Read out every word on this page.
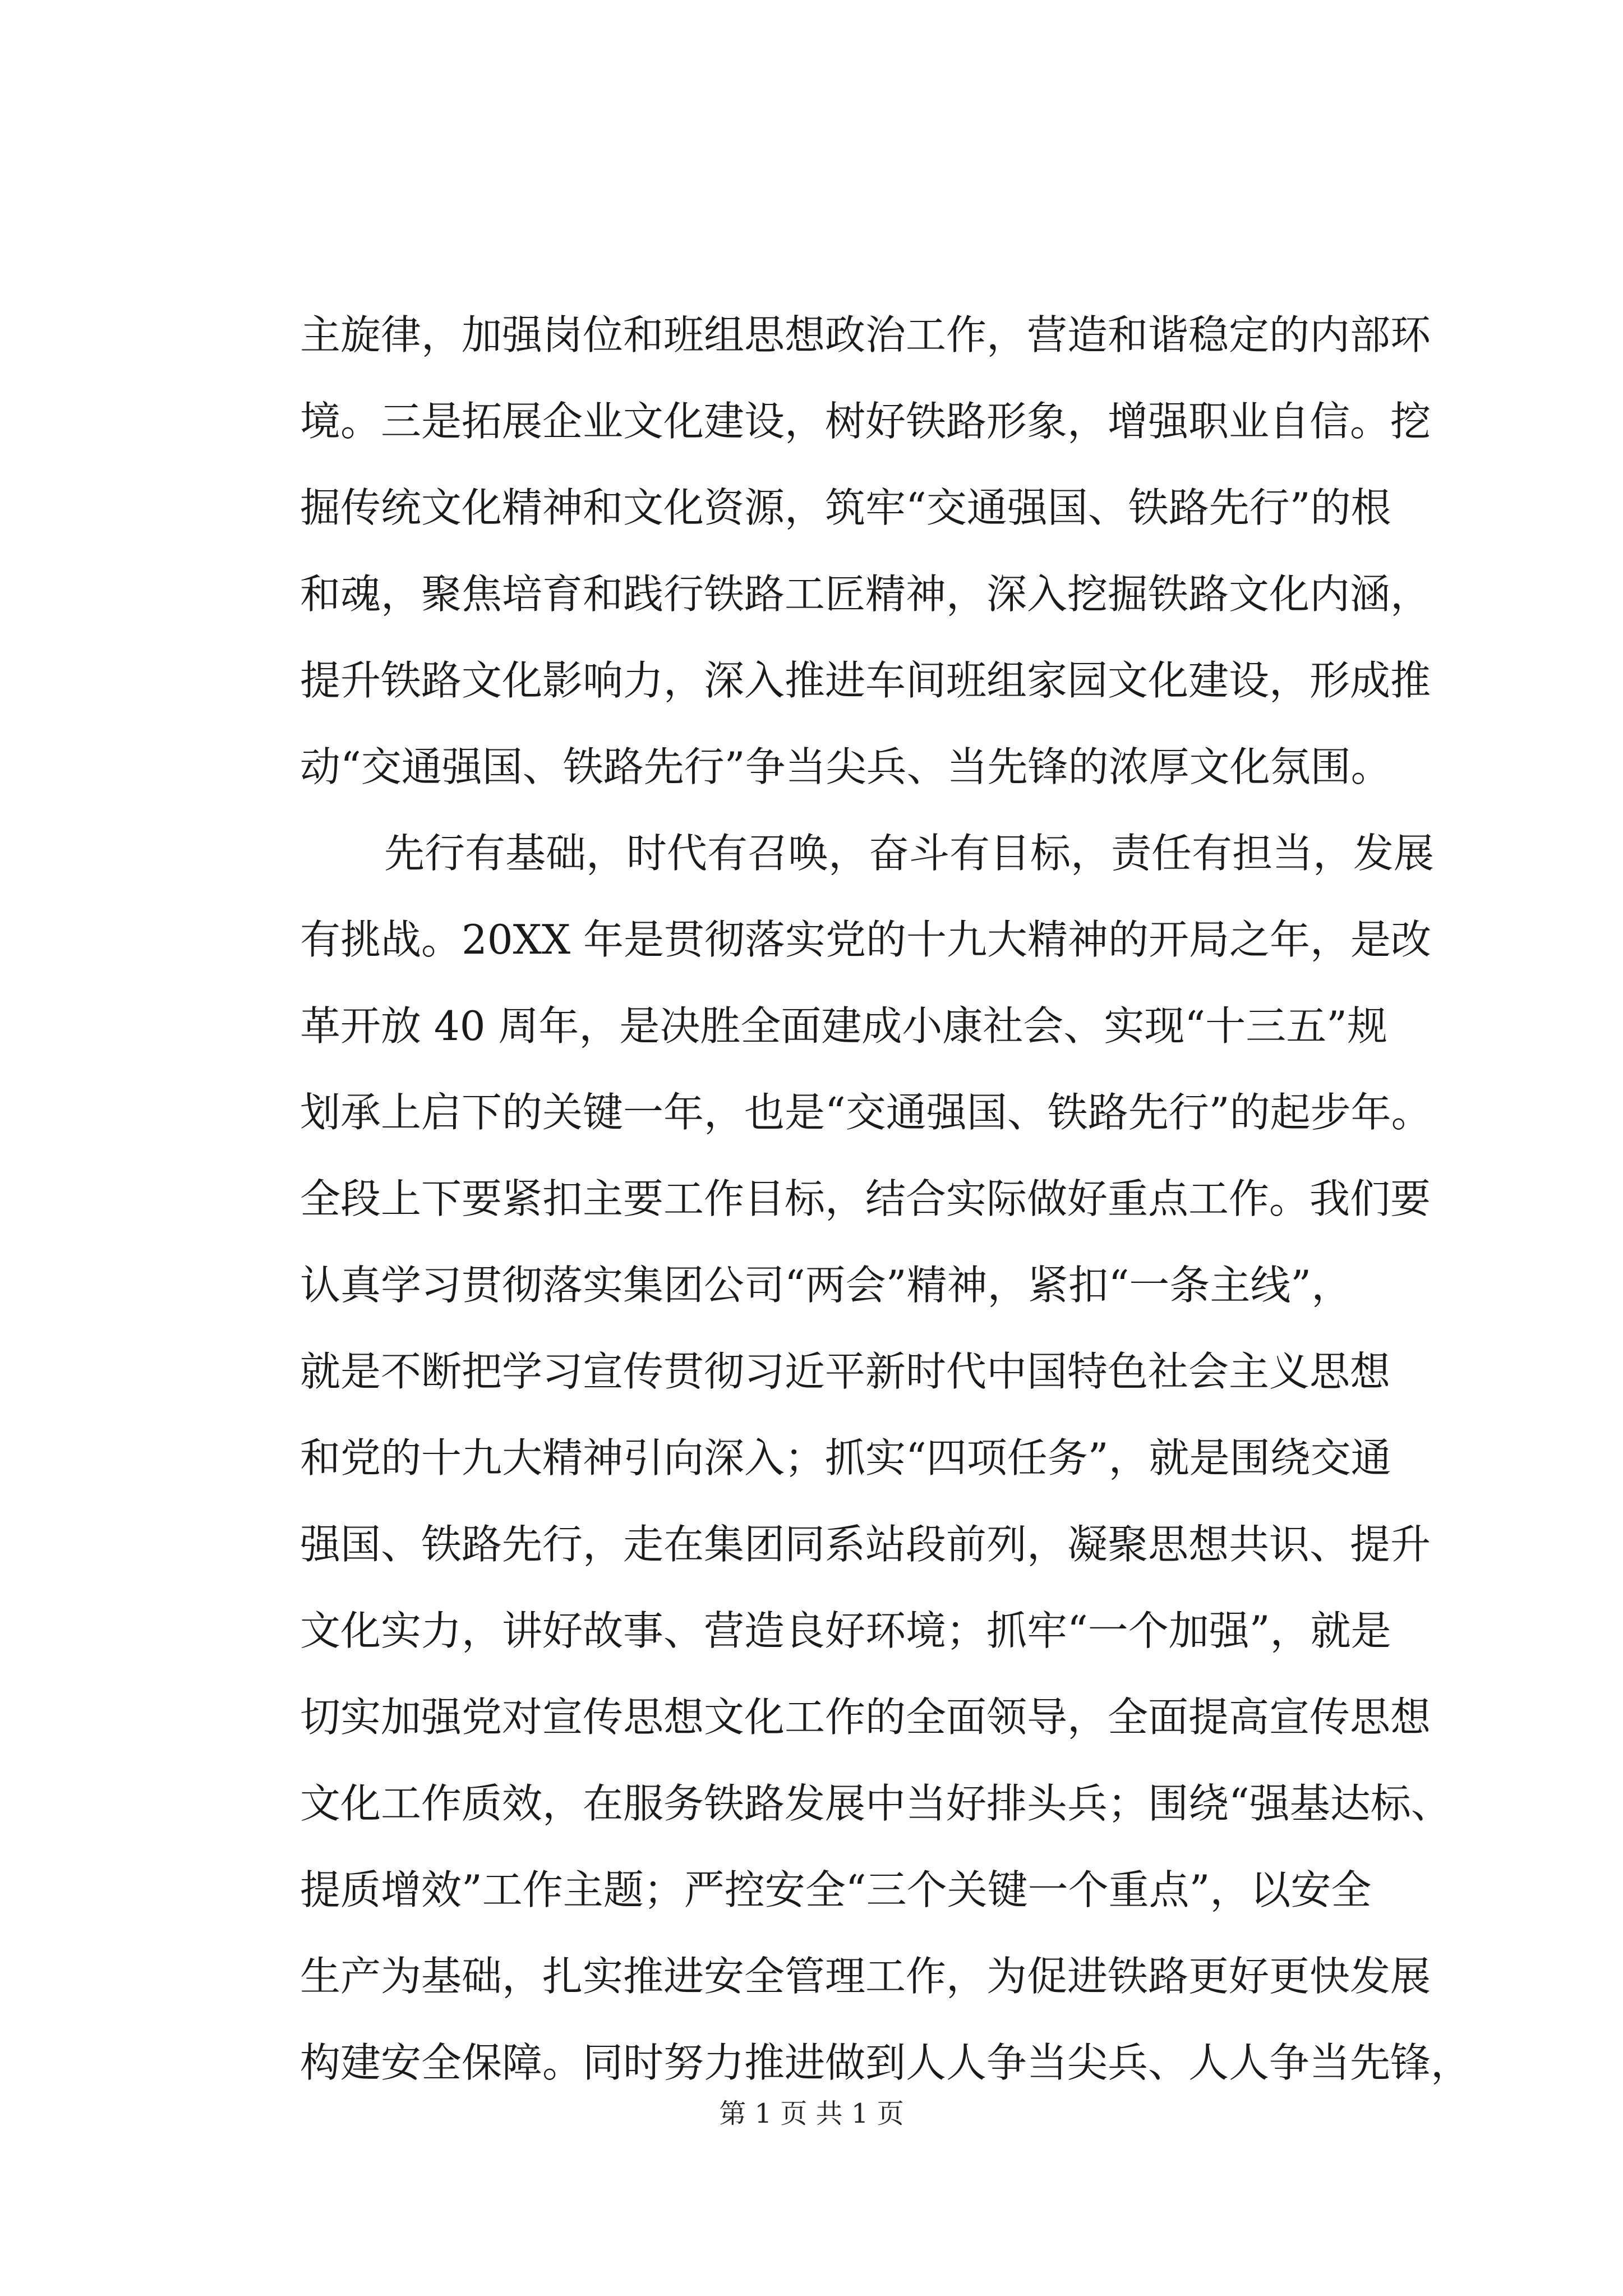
主旋律，加强岗位和班组思想政治工作，营造和谐稳定的内部环
境。三是拓展企业文化建设，树好铁路形象，增强职业自信。挖
掘传统文化精神和文化资源，筑牢“交通强国、铁路先行”的根
和魂，聚焦培育和践行铁路工匠精神，深入挖掘铁路文化内涵，
提升铁路文化影响力，深入推进车间班组家园文化建设，形成推
动“交通强国、铁路先行”争当尖兵、当先锋的浓厚文化氛围。
先行有基础，时代有召唤，奋斗有目标，责任有担当，发展
有挑战。20XX 年是贯彻落实党的十九大精神的开局之年，是改
革开放 40 周年，是决胜全面建成小康社会、实现“十三五”规
划承上启下的关键一年，也是“交通强国、铁路先行”的起步年。
全段上下要紧扣主要工作目标，结合实际做好重点工作。我们要
认真学习贯彻落实集团公司“两会”精神，紧扣“一条主线”，
就是不断把学习宣传贯彻习近平新时代中国特色社会主义思想
和党的十九大精神引向深入；抓实“四项任务”，就是围绕交通
强国、铁路先行，走在集团同系站段前列，凝聚思想共识、提升
文化实力，讲好故事、营造良好环境；抓牢“一个加强”，就是
切实加强党对宣传思想文化工作的全面领导，全面提高宣传思想
文化工作质效，在服务铁路发展中当好排头兵；围绕“强基达标、
提质增效”工作主题；严控安全“三个关键一个重点”，以安全
生产为基础，扎实推进安全管理工作，为促进铁路更好更快发展
构建安全保障。同时努力推进做到人人争当尖兵、人人争当先锋，
第 1 页 共 1 页
